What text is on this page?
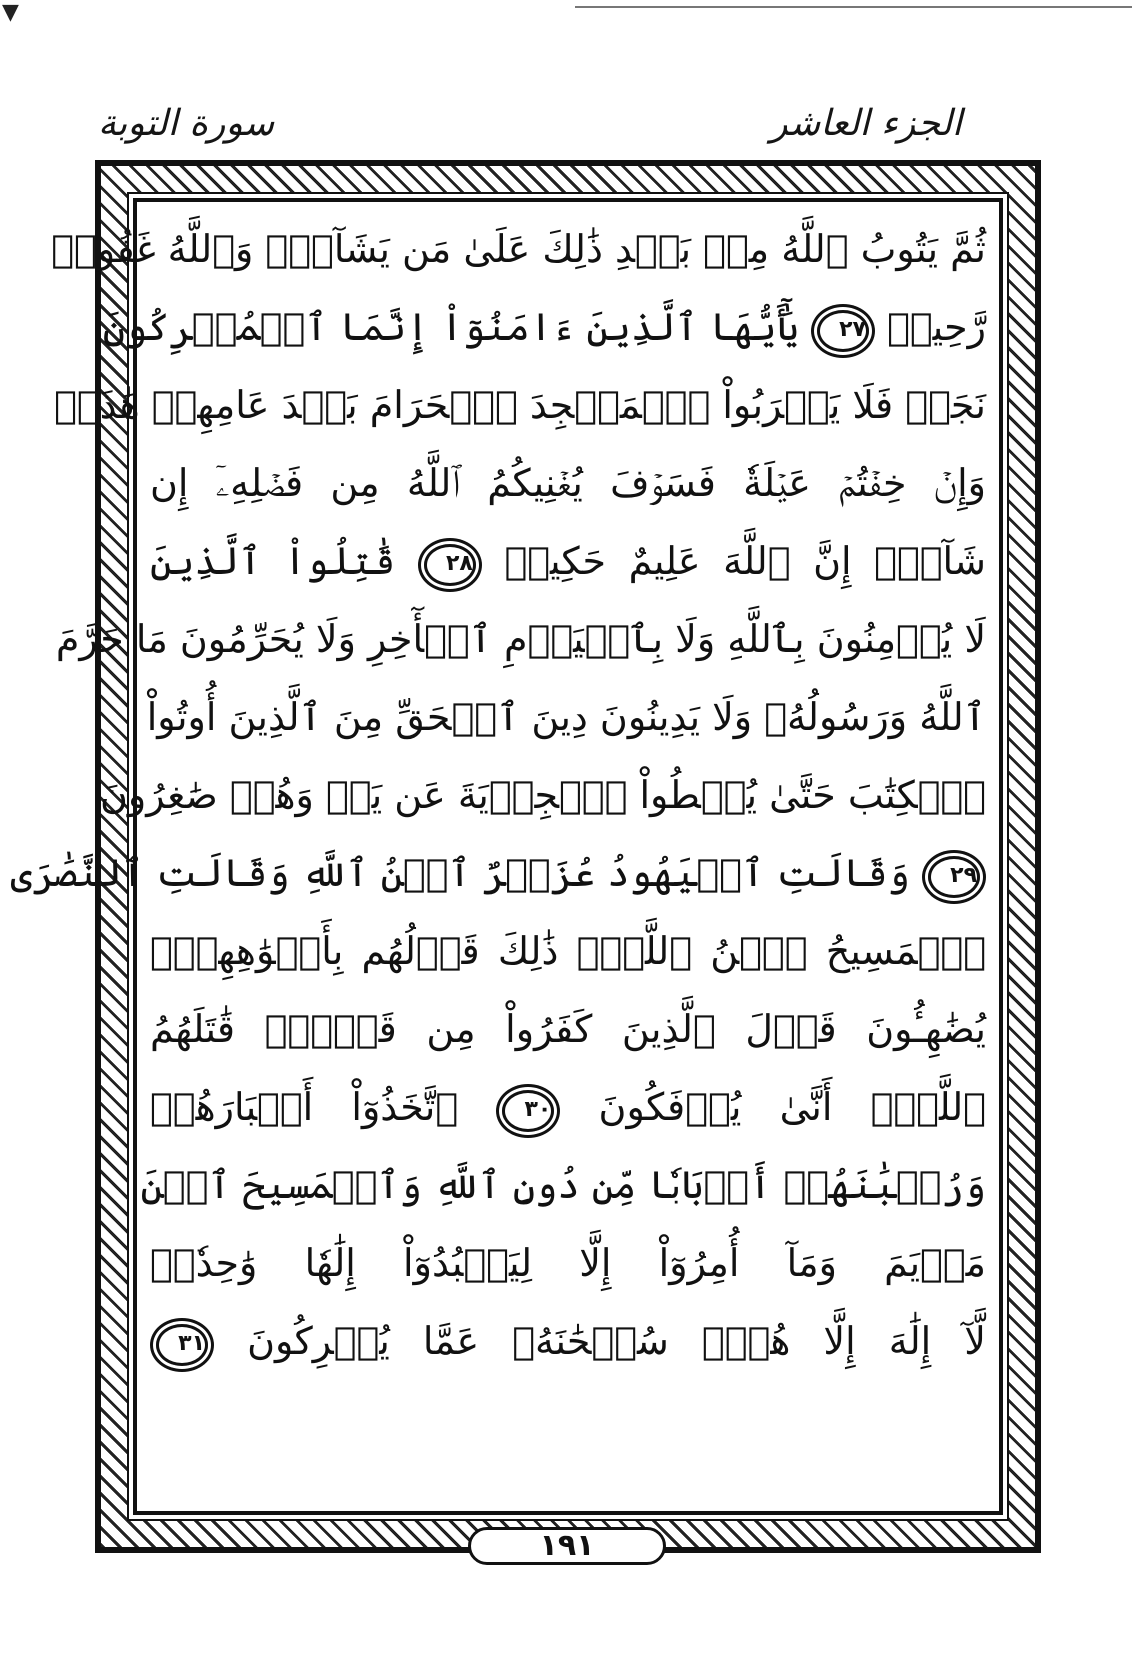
▼
الجزء العاشر
سورة التوبة
ثُمَّ يَتُوبُ ٱللَّهُ مِنۢ بَعۡدِ ذَٰلِكَ عَلَىٰ مَن يَشَآءُۗ وَٱللَّهُ غَفُورٞ
رَّحِيمٞ ٢٧ يَٰٓأَيُّهَا ٱلَّذِينَ ءَامَنُوٓاْ إِنَّمَا ٱلۡمُشۡرِكُونَ
نَجَسٞ فَلَا يَقۡرَبُواْ ٱلۡمَسۡجِدَ ٱلۡحَرَامَ بَعۡدَ عَامِهِمۡ هَٰذَاۚ
وَإِنۡ خِفۡتُمۡ عَيۡلَةٗ فَسَوۡفَ يُغۡنِيكُمُ ٱللَّهُ مِن فَضۡلِهِۦٓ إِن
شَآءَۚ إِنَّ ٱللَّهَ عَلِيمٌ حَكِيمٞ ٢٨ قَٰتِلُواْ ٱلَّذِينَ
لَا يُؤۡمِنُونَ بِٱللَّهِ وَلَا بِٱلۡيَوۡمِ ٱلۡأٓخِرِ وَلَا يُحَرِّمُونَ مَا حَرَّمَ
ٱللَّهُ وَرَسُولُهُۥ وَلَا يَدِينُونَ دِينَ ٱلۡحَقِّ مِنَ ٱلَّذِينَ أُوتُواْ
ٱلۡكِتَٰبَ حَتَّىٰ يُعۡطُواْ ٱلۡجِزۡيَةَ عَن يَدٖ وَهُمۡ صَٰغِرُونَ
٢٩ وَقَالَتِ ٱلۡيَهُودُ عُزَيۡرٌ ٱبۡنُ ٱللَّهِ وَقَالَتِ ٱلنَّصَٰرَى
ٱلۡمَسِيحُ ٱبۡنُ ٱللَّهِۖ ذَٰلِكَ قَوۡلُهُم بِأَفۡوَٰهِهِمۡۖ
يُضَٰهِـُٔونَ قَوۡلَ ٱلَّذِينَ كَفَرُواْ مِن قَبۡلُۚ قَٰتَلَهُمُ
ٱللَّهُۖ أَنَّىٰ يُؤۡفَكُونَ ٣٠ ٱتَّخَذُوٓاْ أَحۡبَارَهُمۡ
وَرُهۡبَٰنَهُمۡ أَرۡبَابٗا مِّن دُونِ ٱللَّهِ وَٱلۡمَسِيحَ ٱبۡنَ
مَرۡيَمَ وَمَآ أُمِرُوٓاْ إِلَّا لِيَعۡبُدُوٓاْ إِلَٰهٗا وَٰحِدٗاۖ
لَّآ إِلَٰهَ إِلَّا هُوَۚ سُبۡحَٰنَهُۥ عَمَّا يُشۡرِكُونَ ٣١
١٩١
